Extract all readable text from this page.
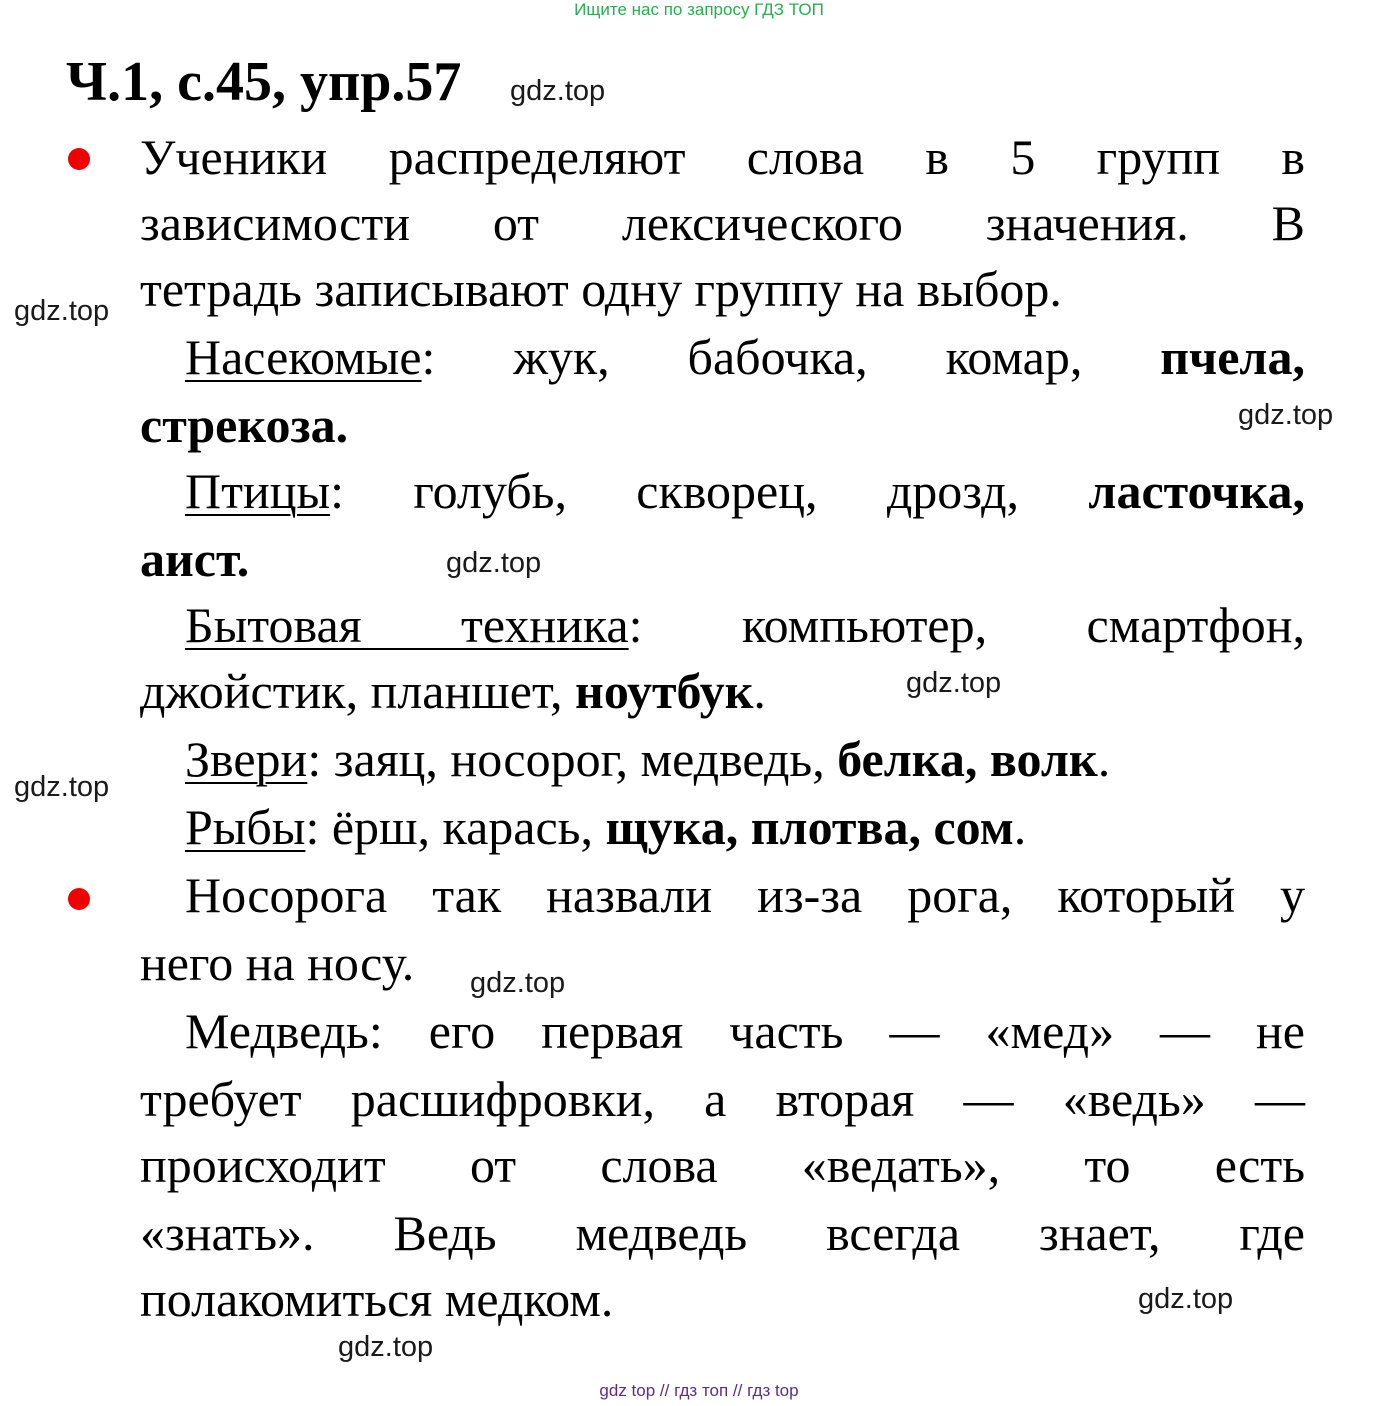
Ищите нас по запросу ГДЗ ТОП
Ч.1, с.45, упр.57 gdz.top
Ученики распределяют слова в 5 групп в
зависимости от лексического значения. В
тетрадь записывают одну группу на выбор.
gdz.top
Насекомые: жук, бабочка, комар, пчела,
стрекоза.	gdz.top
Птицы: голубь, скворец, дрозд, ласточка,
аист.	gdz.top
Бытовая техника: компьютер, смартфон,
джойстик, планшет, ноутбук.	gdz.top
Звери: заяц, носорог, медведь, белка, волк.
gdz.top
Рыбы: ёрш, карась, щука, плотва, сом.
Носорога так назвали из-за рога, который у
него на носу.	gdz.top
Медведь: его первая часть — «мед» — не
требует расшифровки, а вторая — «ведь» —
происходит от слова «ведать», то есть
«знать». Ведь медведь всегда знает, где
полакомиться медком.	gdz.top
gdz.top
gdz top // гдз топ // гдз top
